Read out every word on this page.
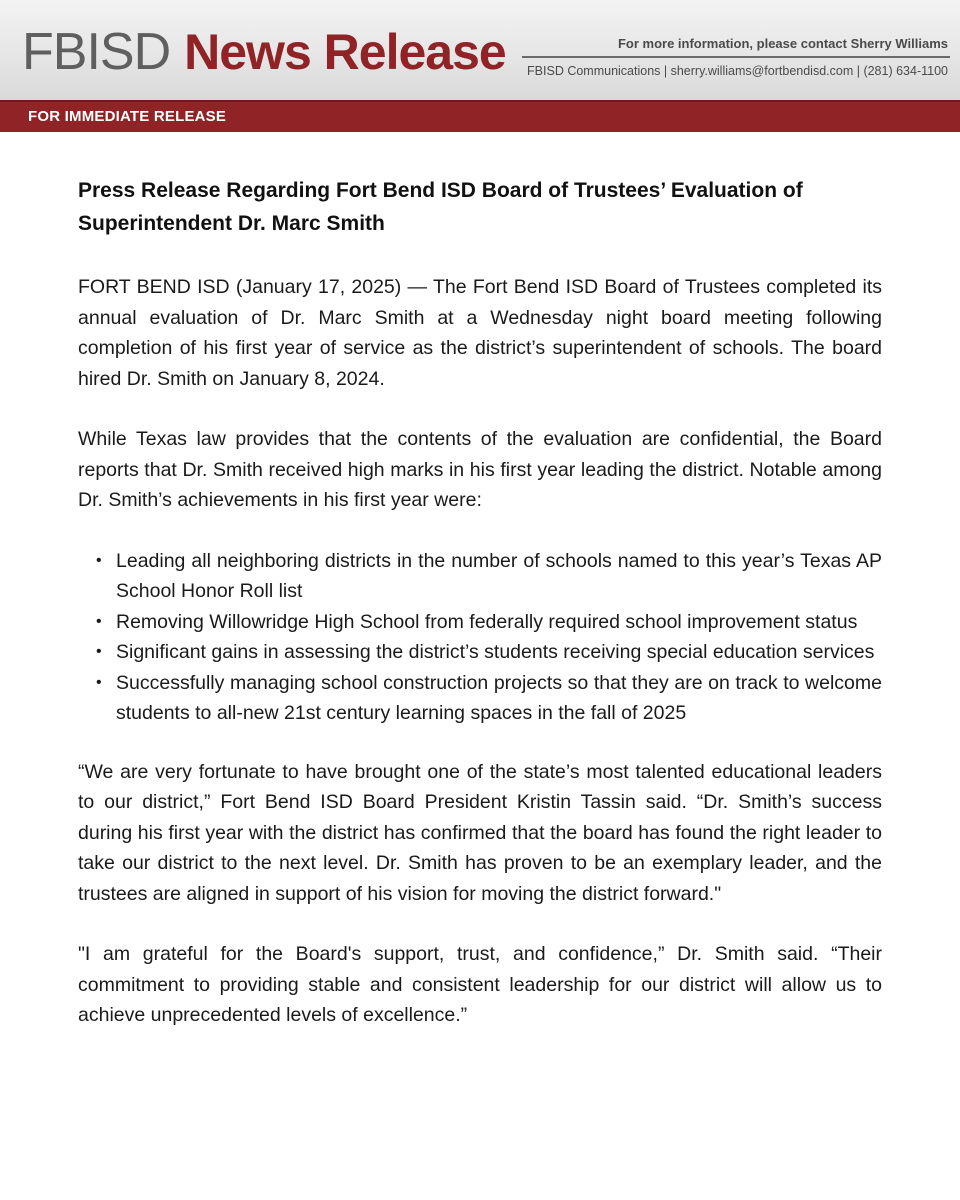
FBISD News Release	For more information, please contact Sherry Williams
FBISD Communications | sherry.williams@fortbendisd.com | (281) 634-1100
FOR IMMEDIATE RELEASE
Press Release Regarding Fort Bend ISD Board of Trustees’ Evaluation of Superintendent Dr. Marc Smith

FORT BEND ISD (January 17, 2025) — The Fort Bend ISD Board of Trustees completed its annual evaluation of Dr. Marc Smith at a Wednesday night board meeting following completion of his first year of service as the district’s superintendent of schools. The board hired Dr. Smith on January 8, 2024.

While Texas law provides that the contents of the evaluation are confidential, the Board reports that Dr. Smith received high marks in his first year leading the district. Notable among Dr. Smith’s achievements in his first year were:

• Leading all neighboring districts in the number of schools named to this year’s Texas AP School Honor Roll list
• Removing Willowridge High School from federally required school improvement status
• Significant gains in assessing the district’s students receiving special education services
• Successfully managing school construction projects so that they are on track to welcome students to all-new 21st century learning spaces in the fall of 2025

“We are very fortunate to have brought one of the state’s most talented educational leaders to our district,” Fort Bend ISD Board President Kristin Tassin said. “Dr. Smith’s success during his first year with the district has confirmed that the board has found the right leader to take our district to the next level. Dr. Smith has proven to be an exemplary leader, and the trustees are aligned in support of his vision for moving the district forward."

"I am grateful for the Board's support, trust, and confidence,” Dr. Smith said. “Their commitment to providing stable and consistent leadership for our district will allow us to achieve unprecedented levels of excellence.”
